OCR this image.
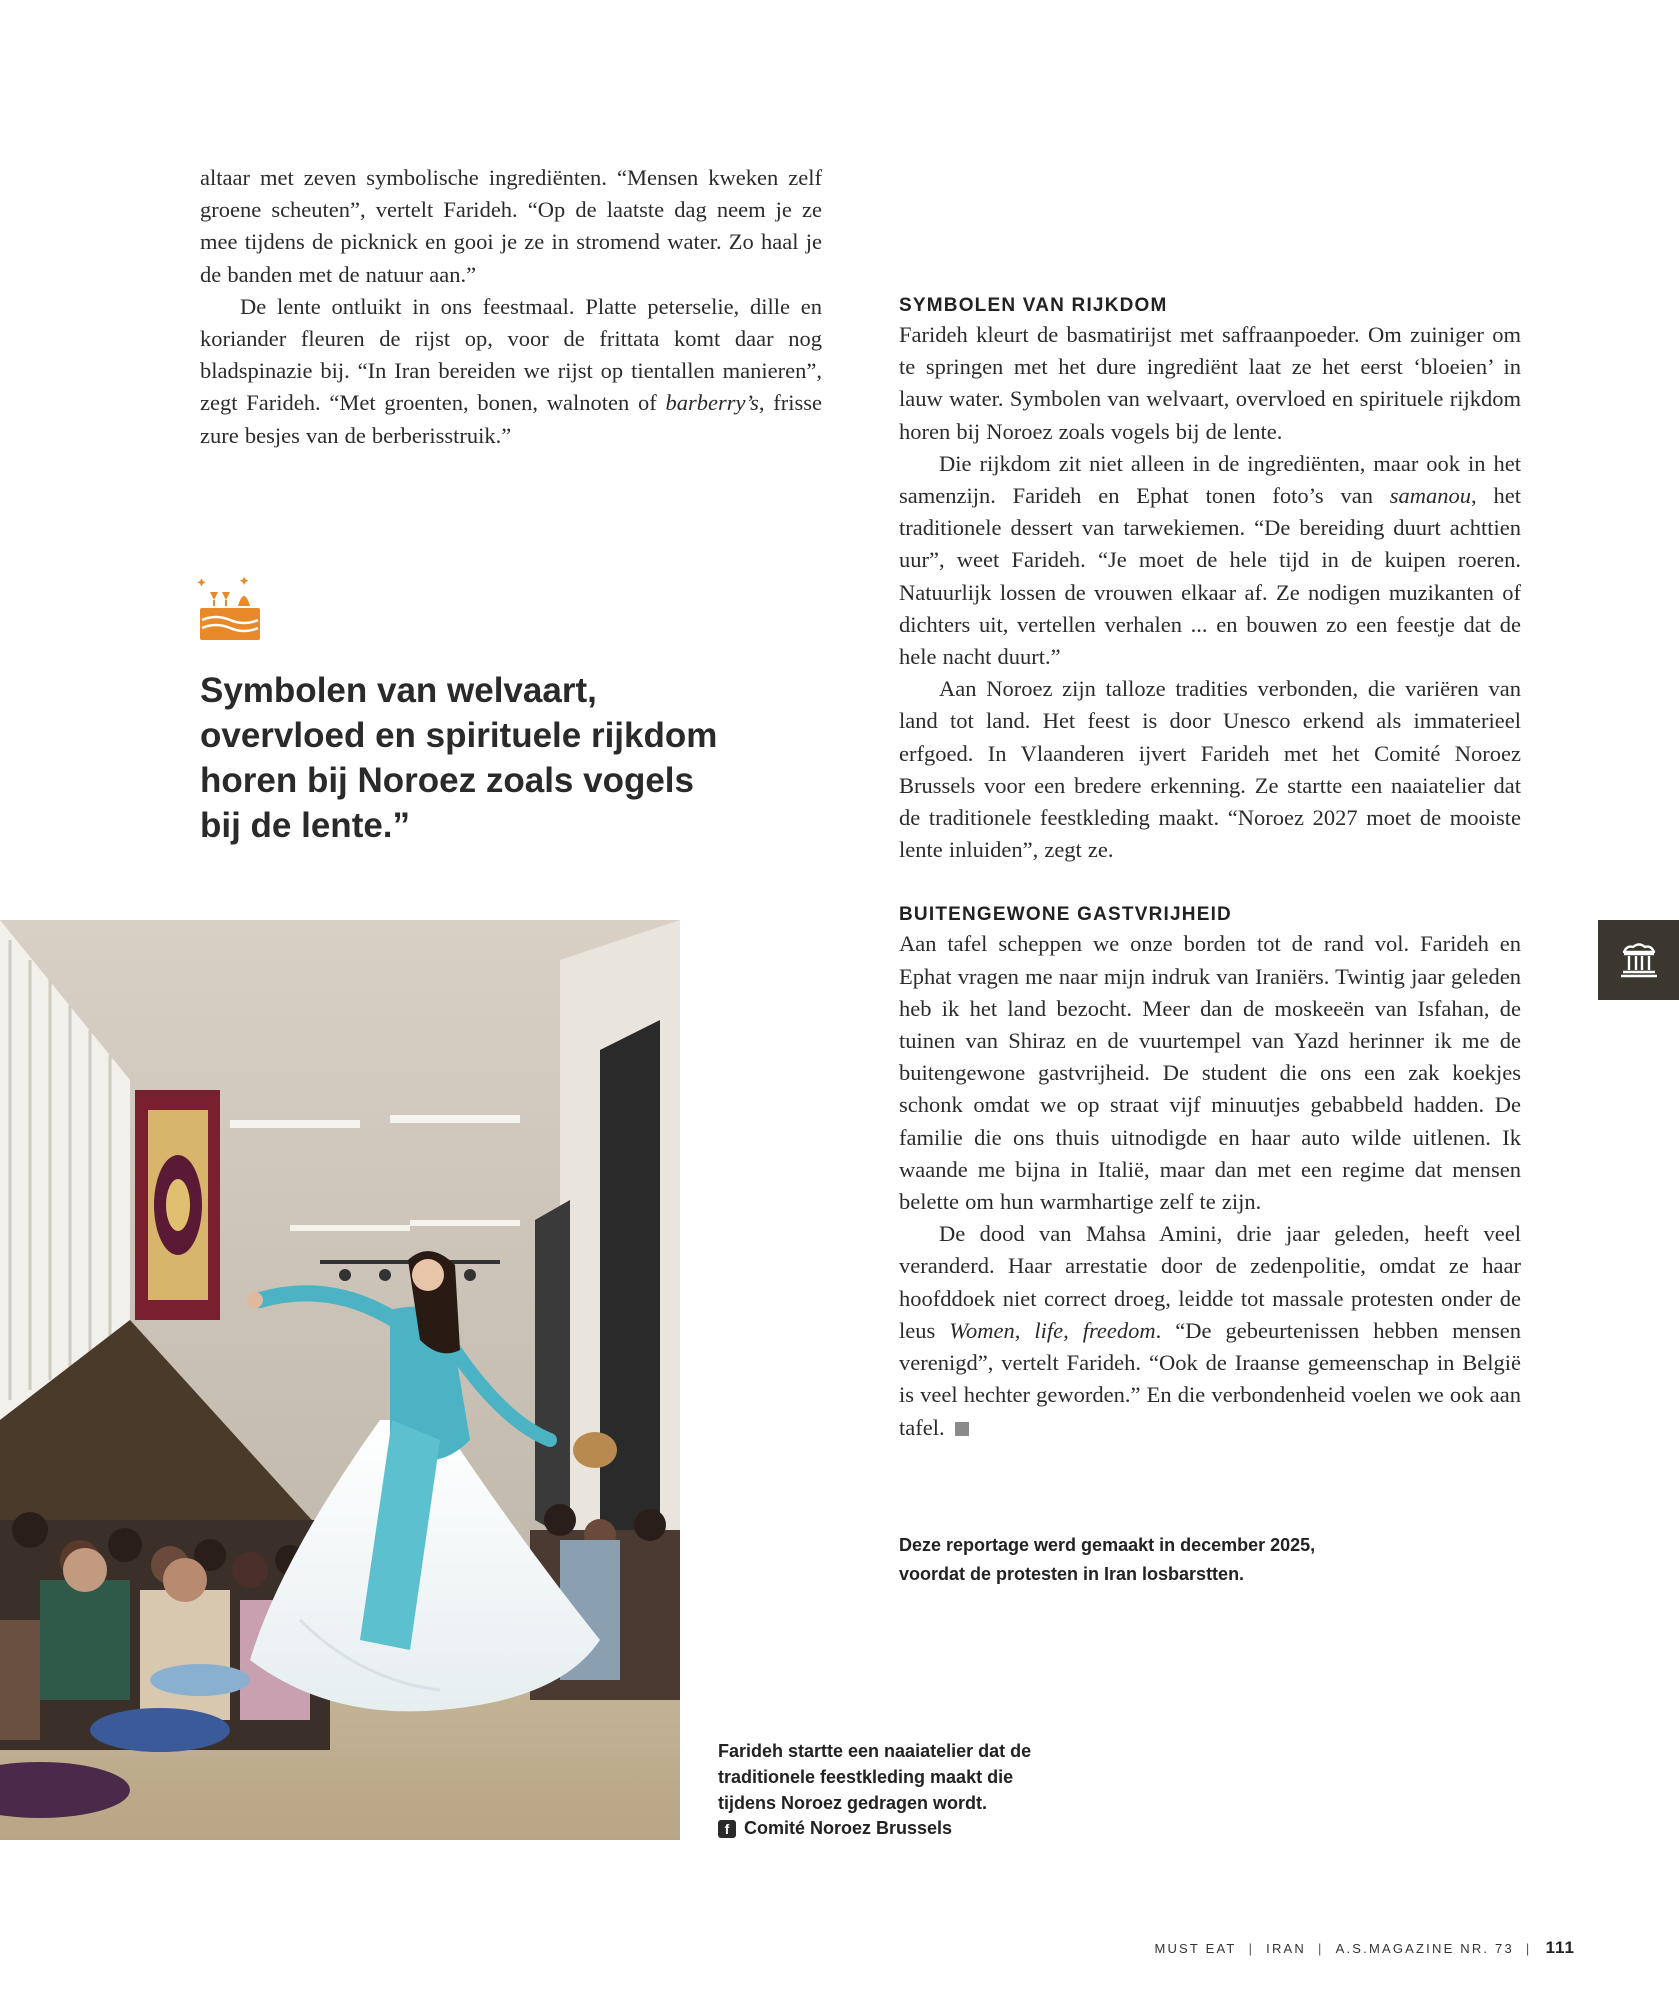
altaar met zeven symbolische ingrediënten. “Mensen kweken zelf groene scheuten”, vertelt Farideh. “Op de laatste dag neem je ze mee tijdens de picknick en gooi je ze in stromend water. Zo haal je de banden met de natuur aan.”

De lente ontluikt in ons feestmaal. Platte peterselie, dille en koriander fleuren de rijst op, voor de frittata komt daar nog bladspinazie bij. “In Iran bereiden we rijst op tientallen manieren”, zegt Farideh. “Met groenten, bonen, walnoten of barberry’s, frisse zure besjes van de berberisstruik.”

Symbolen van welvaart, overvloed en spirituele rijkdom horen bij Noroez zoals vogels bij de lente.”

Farideh startte een naaiatelier dat de traditionele feestkleding maakt die tijdens Noroez gedragen wordt.
f Comité Noroez Brussels
SYMBOLEN VAN RIJKDOM

Farideh kleurt de basmatirijst met saffraanpoeder. Om zuiniger om te springen met het dure ingrediënt laat ze het eerst ‘bloeien’ in lauw water. Symbolen van welvaart, overvloed en spirituele rijkdom horen bij Noroez zoals vogels bij de lente.

Die rijkdom zit niet alleen in de ingrediënten, maar ook in het samenzijn. Farideh en Ephat tonen foto’s van samanou, het traditionele dessert van tarwekiemen. “De bereiding duurt achttien uur”, weet Farideh. “Je moet de hele tijd in de kuipen roeren. Natuurlijk lossen de vrouwen elkaar af. Ze nodigen muzikanten of dichters uit, vertellen verhalen ... en bouwen zo een feestje dat de hele nacht duurt.”

Aan Noroez zijn talloze tradities verbonden, die variëren van land tot land. Het feest is door Unesco erkend als immaterieel erfgoed. In Vlaanderen ijvert Farideh met het Comité Noroez Brussels voor een bredere erkenning. Ze startte een naaiatelier dat de traditionele feestkleding maakt. “Noroez 2027 moet de mooiste lente inluiden”, zegt ze.

BUITENGEWONE GASTVRIJHEID

Aan tafel scheppen we onze borden tot de rand vol. Farideh en Ephat vragen me naar mijn indruk van Iraniërs. Twintig jaar geleden heb ik het land bezocht. Meer dan de moskeeën van Isfahan, de tuinen van Shiraz en de vuurtempel van Yazd herinner ik me de buitengewone gastvrijheid. De student die ons een zak koekjes schonk omdat we op straat vijf minuutjes gebabbeld hadden. De familie die ons thuis uitnodigde en haar auto wilde uitlenen. Ik waande me bijna in Italië, maar dan met een regime dat mensen belette om hun warmhartige zelf te zijn.

De dood van Mahsa Amini, drie jaar geleden, heeft veel veranderd. Haar arrestatie door de zedenpolitie, omdat ze haar hoofddoek niet correct droeg, leidde tot massale protesten onder de leus Women, life, freedom. “De gebeurtenissen hebben mensen verenigd”, vertelt Farideh. “Ook de Iraanse gemeenschap in België is veel hechter geworden.” En die verbondenheid voelen we ook aan tafel.

Deze reportage werd gemaakt in december 2025,
voordat de protesten in Iran losbarstten.
MUST EAT | IRAN | A.S.MAGAZINE NR. 73 | 111
